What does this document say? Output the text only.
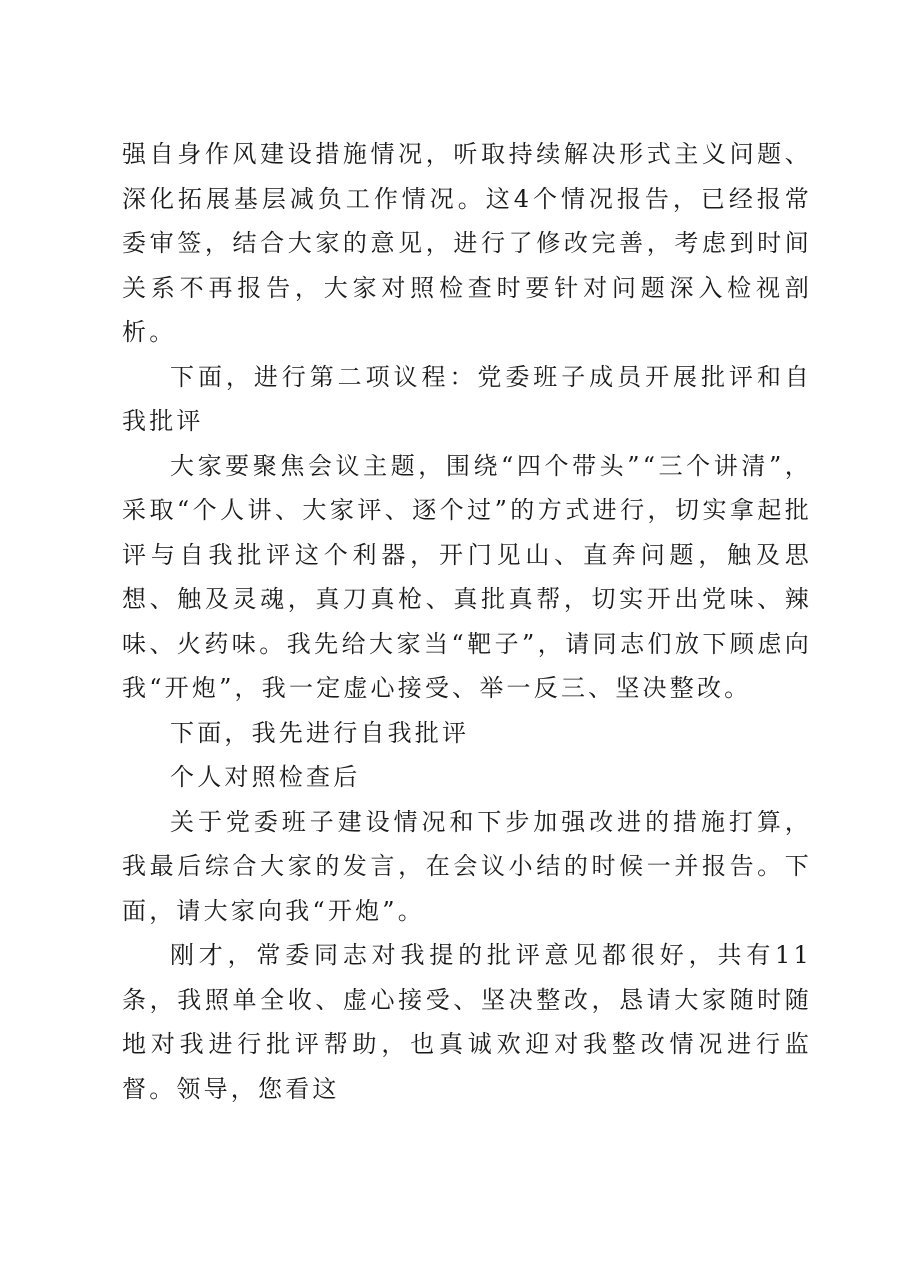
强自身作风建设措施情况，听取持续解决形式主义问题、深化拓展基层减负工作情况。这4个情况报告，已经报常委审签，结合大家的意见，进行了修改完善，考虑到时间关系不再报告，大家对照检查时要针对问题深入检视剖析。

下面，进行第二项议程：党委班子成员开展批评和自我批评

大家要聚焦会议主题，围绕“四个带头”“三个讲清”，采取“个人讲、大家评、逐个过”的方式进行，切实拿起批评与自我批评这个利器，开门见山、直奔问题，触及思想、触及灵魂，真刀真枪、真批真帮，切实开出党味、辣味、火药味。我先给大家当“靶子”，请同志们放下顾虑向我“开炮”，我一定虚心接受、举一反三、坚决整改。

下面，我先进行自我批评

个人对照检查后

关于党委班子建设情况和下步加强改进的措施打算，我最后综合大家的发言，在会议小结的时候一并报告。下面，请大家向我“开炮”。

刚才，常委同志对我提的批评意见都很好，共有11条，我照单全收、虚心接受、坚决整改，恳请大家随时随地对我进行批评帮助，也真诚欢迎对我整改情况进行监督。领导，您看这
